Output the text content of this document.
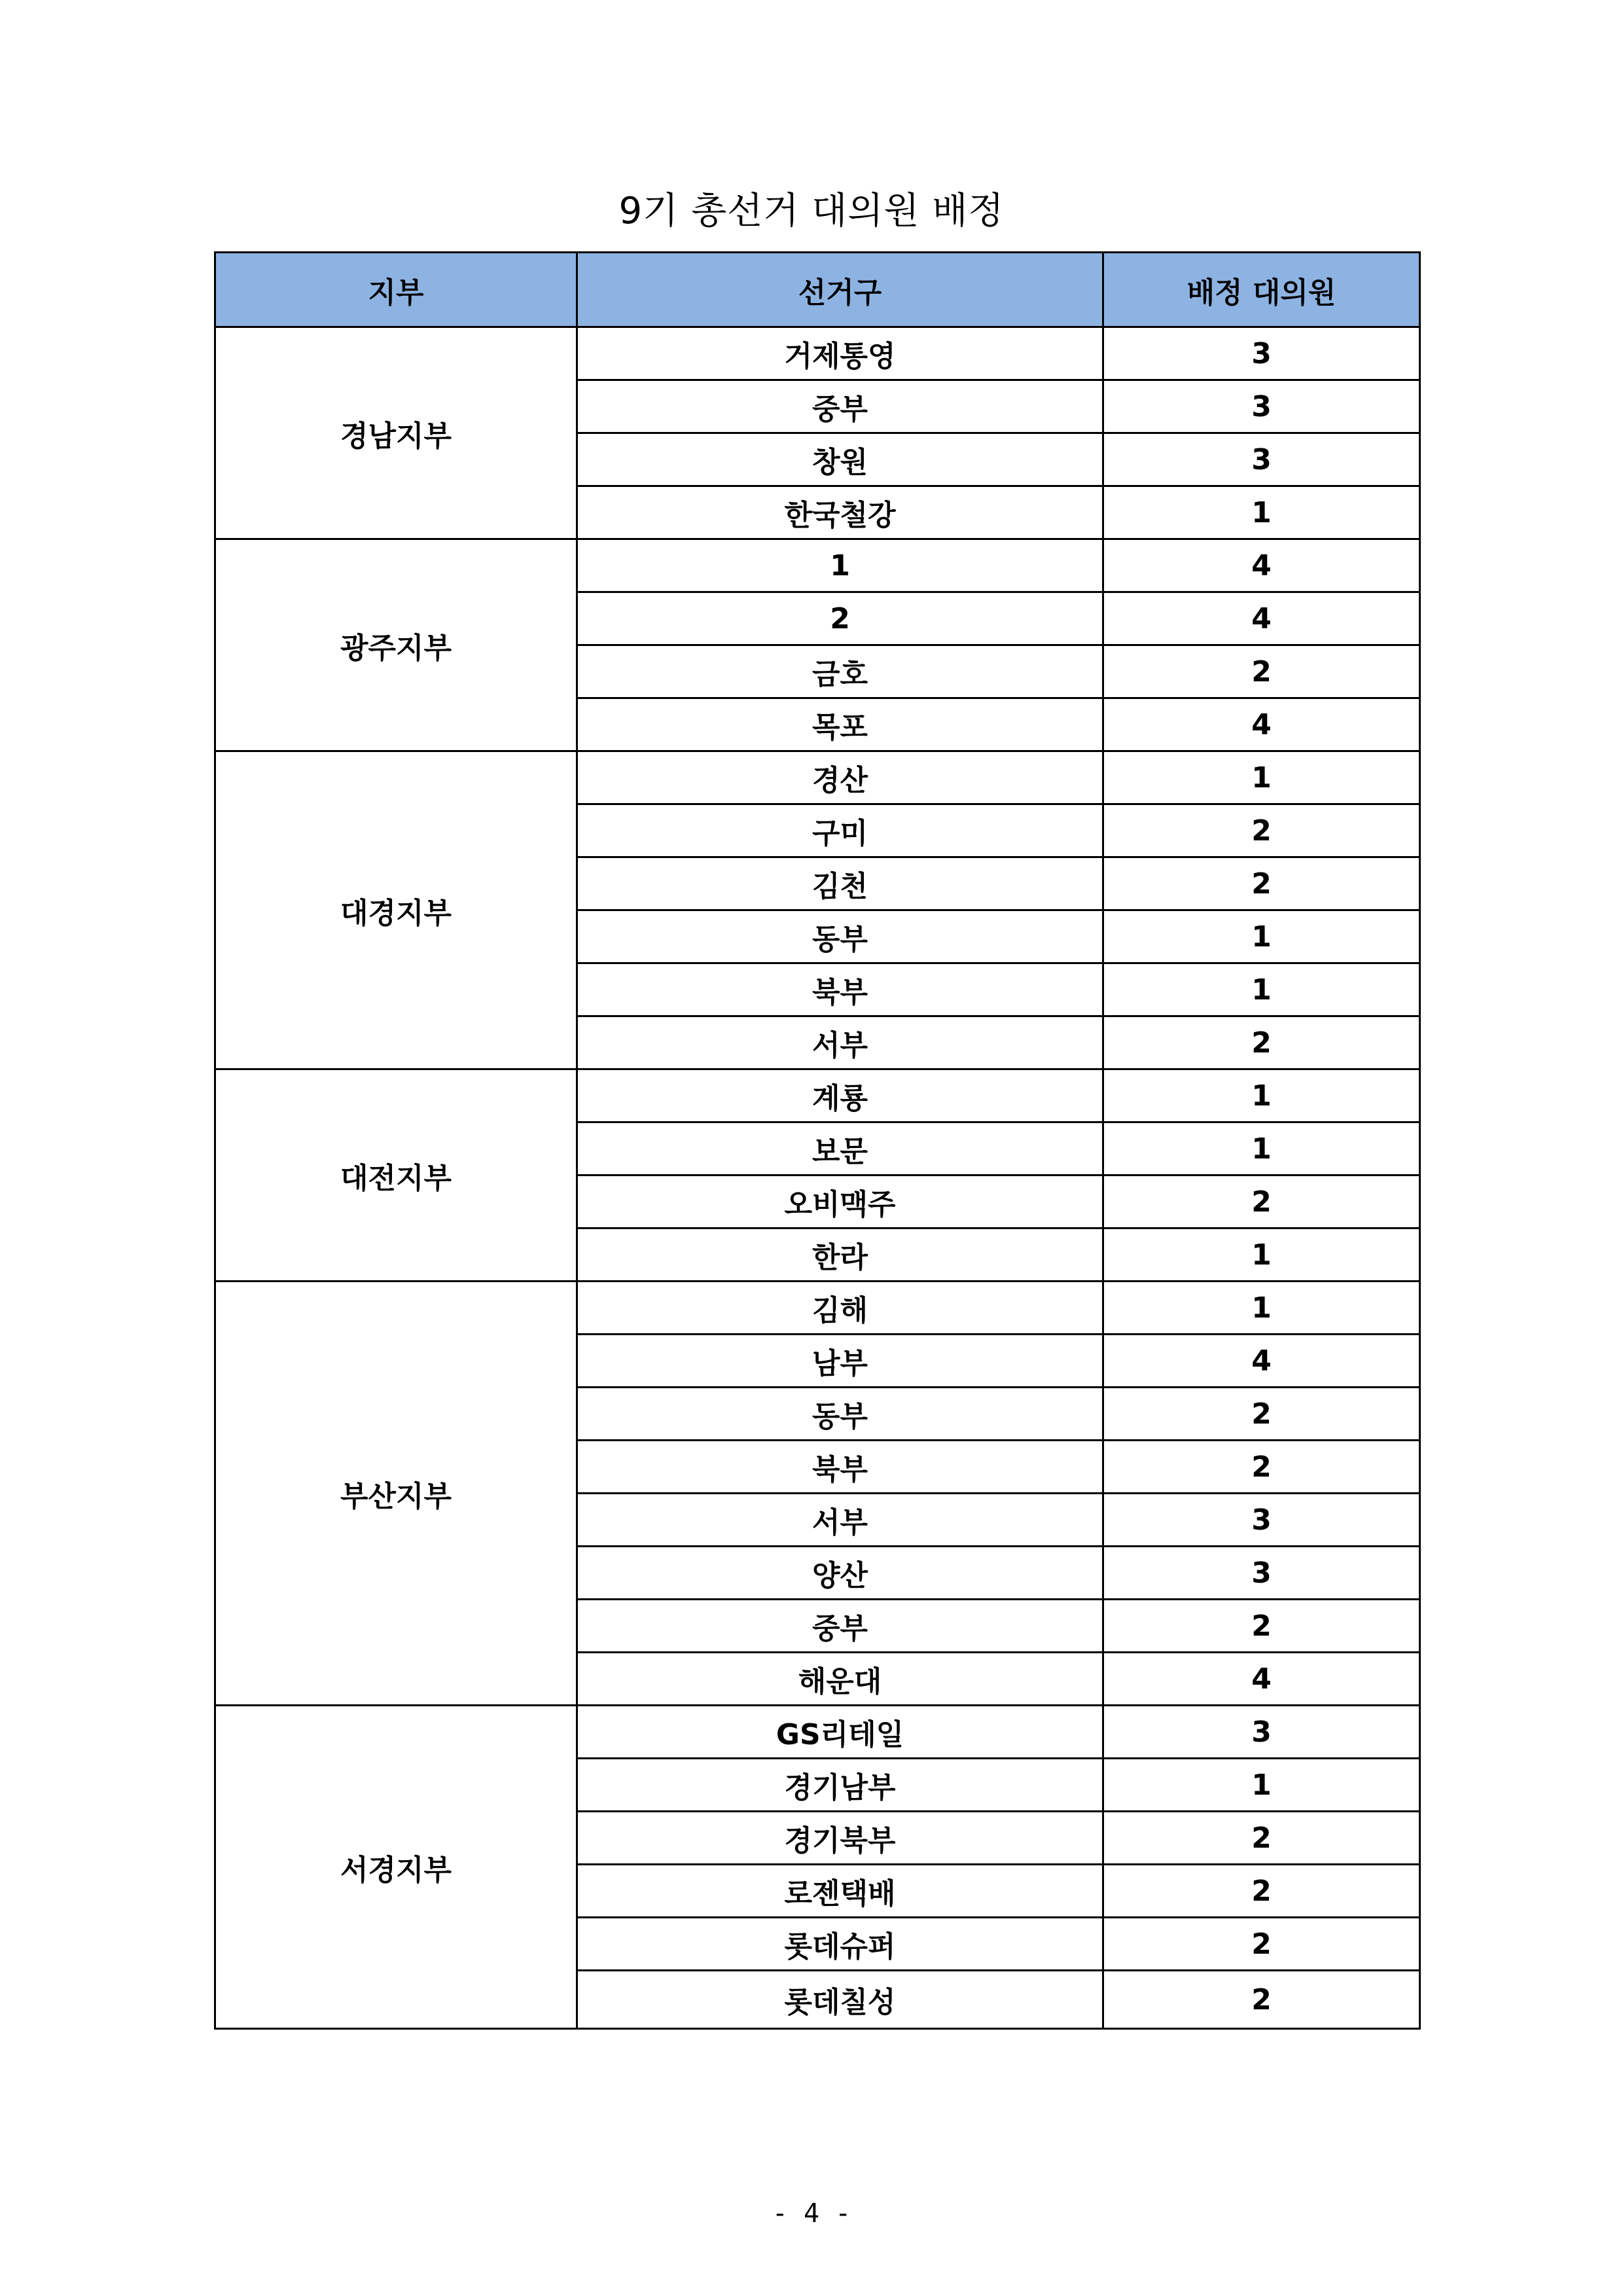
9기 총선거 대의원 배정
지부	선거구	배정 대의원
경남지부	거제통영	3
	중부	3
	창원	3
	한국철강	1
광주지부	1	4
	2	4
	금호	2
	목포	4
대경지부	경산	1
	구미	2
	김천	2
	동부	1
	북부	1
	서부	2
대전지부	계룡	1
	보문	1
	오비맥주	2
	한라	1
부산지부	김해	1
	남부	4
	동부	2
	북부	2
	서부	3
	양산	3
	중부	2
	해운대	4
서경지부	GS리테일	3
	경기남부	1
	경기북부	2
	로젠택배	2
	롯데슈퍼	2
	롯데칠성	2
- 4 -
